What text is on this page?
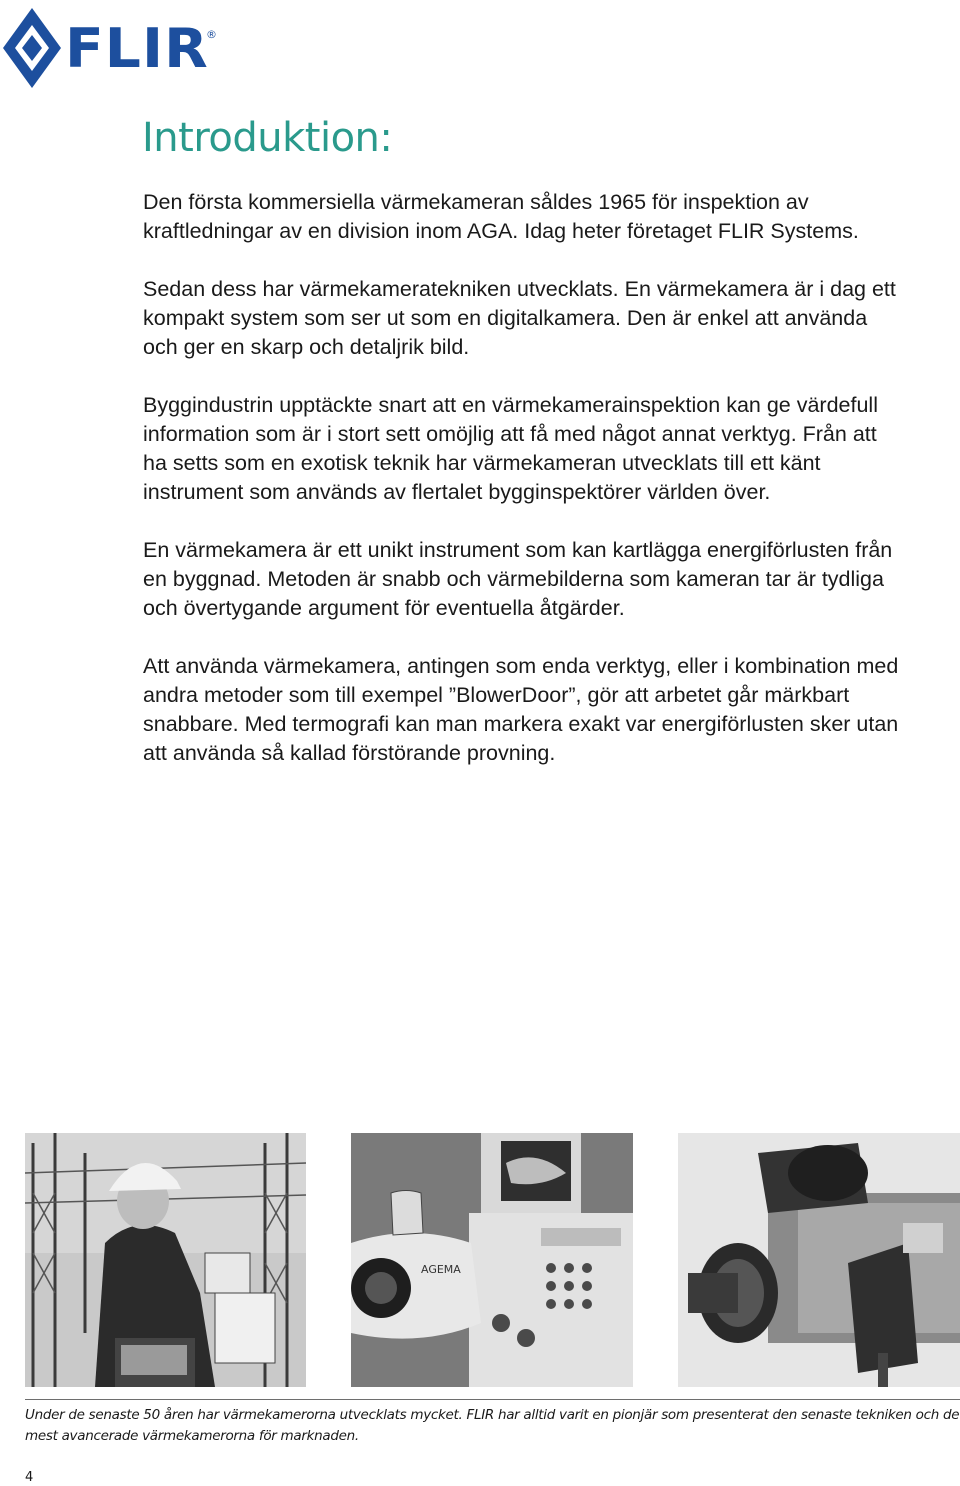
FLIR
®
Introduktion:

Den första kommersiella värmekameran såldes 1965 för inspektion av kraftledningar av en division inom AGA. Idag heter företaget FLIR Systems.

Sedan dess har värmekameratekniken utvecklats. En värmekamera är i dag ett kompakt system som ser ut som en digitalkamera. Den är enkel att använda och ger en skarp och detaljrik bild.

Byggindustrin upptäckte snart att en värmekamerainspektion kan ge värdefull information som är i stort sett omöjlig att få med något annat verktyg. Från att ha setts som en exotisk teknik har värmekameran utvecklats till ett känt instrument som används av flertalet bygginspektörer världen över.

En värmekamera är ett unikt instrument som kan kartlägga energiförlusten från en byggnad. Metoden är snabb och värmebilderna som kameran tar är tydliga och övertygande argument för eventuella åtgärder.

Att använda värmekamera, antingen som enda verktyg, eller i kombination med andra metoder som till exempel ”BlowerDoor”, gör att arbetet går märkbart snabbare. Med termografi kan man markera exakt var energiförlusten sker utan att använda så kallad förstörande provning.

AGEMA

Under de senaste 50 åren har värmekamerorna utvecklats mycket. FLIR har alltid varit en pionjär som presenterat den senaste tekniken och de mest avancerade värmekamerorna för marknaden.

4
